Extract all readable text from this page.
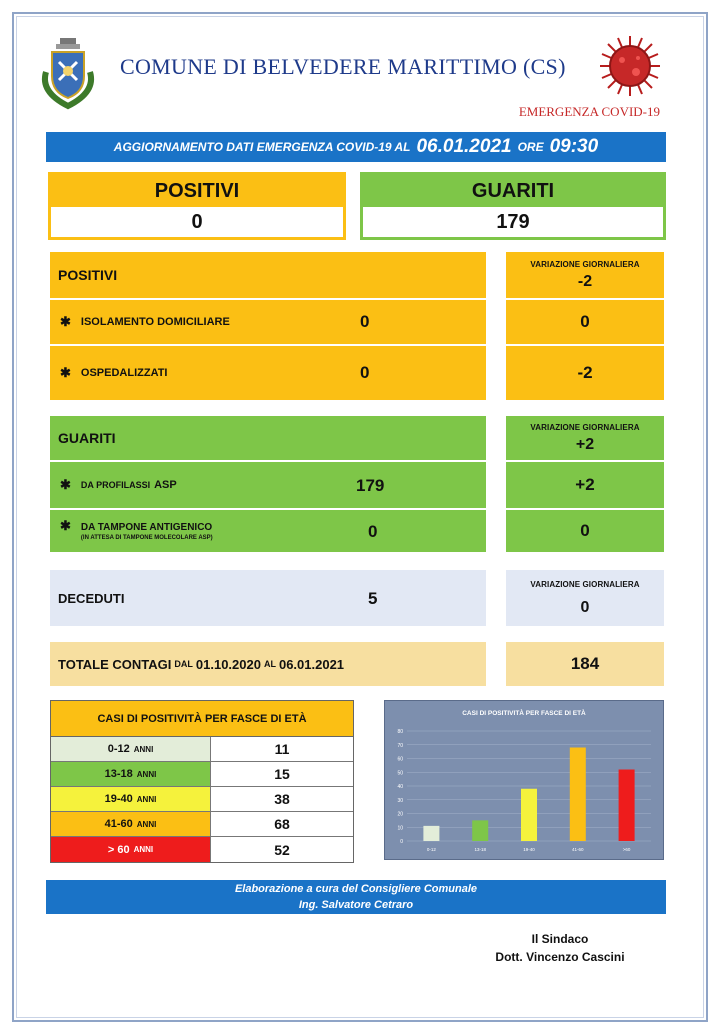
COMUNE DI BELVEDERE MARITTIMO (CS)
EMERGENZA COVID-19
AGGIORNAMENTO DATI EMERGENZA COVID-19 AL 06.01.2021 ORE 09:30
POSITIVI
0
GUARITI
179
POSITIVI
VARIAZIONE GIORNALIERA
-2
✱ ISOLAMENTO DOMICILIARE	0	0
✱ OSPEDALIZZATI	0	-2
GUARITI
VARIAZIONE GIORNALIERA
+2
✱ DA PROFILASSI ASP	179	+2
✱ DA TAMPONE ANTIGENICO
(IN ATTESA DI TAMPONE MOLECOLARE ASP)	0	0
DECEDUTI	5
VARIAZIONE GIORNALIERA
0
TOTALE CONTAGI DAL 01.10.2020 AL 06.01.2021	184
CASI DI POSITIVITÀ PER FASCE DI ETÀ
0-12 ANNI	11
13-18 ANNI	15
19-40 ANNI	38
41-60 ANNI	68
> 60 ANNI	52
CASI DI POSITIVITÀ PER FASCE DI ETÀ
0
10
20
30
40
50
60
70
80
0-12	13-18	19-40	41-60	>60
Elaborazione a cura del Consigliere Comunale
Ing. Salvatore Cetraro
Il Sindaco
Dott. Vincenzo Cascini
